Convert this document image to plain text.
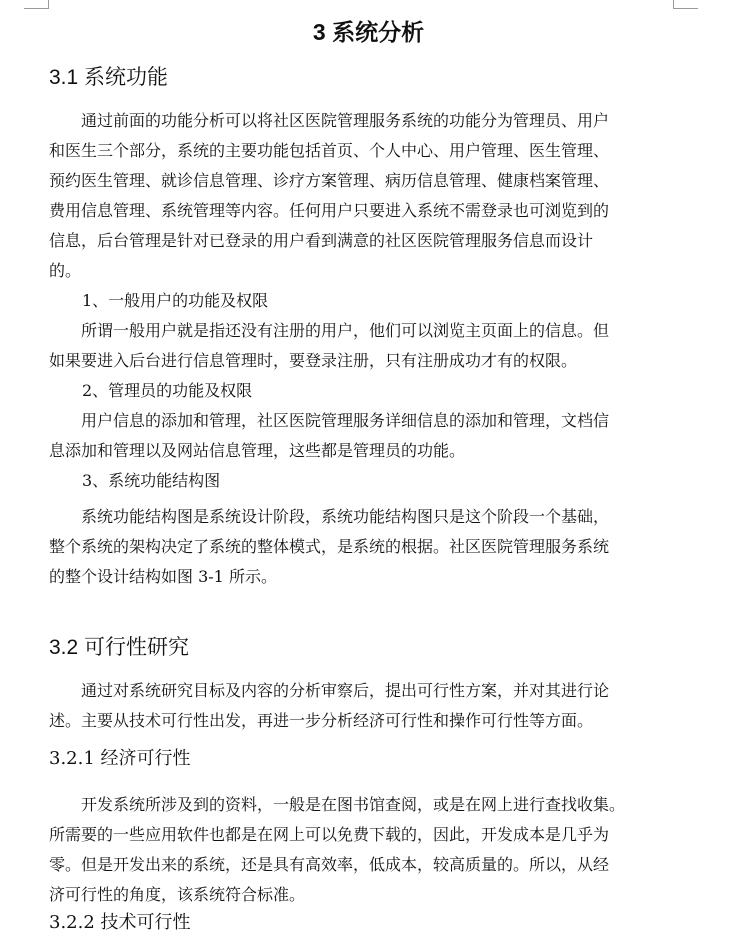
3 系统分析
3.1 系统功能
通过前面的功能分析可以将社区医院管理服务系统的功能分为管理员、用户
和医生三个部分，系统的主要功能包括首页、个人中心、用户管理、医生管理、
预约医生管理、就诊信息管理、诊疗方案管理、病历信息管理、健康档案管理、
费用信息管理、系统管理等内容。任何用户只要进入系统不需登录也可浏览到的
信息，后台管理是针对已登录的用户看到满意的社区医院管理服务信息而设计
的。
1、一般用户的功能及权限
所谓一般用户就是指还没有注册的用户，他们可以浏览主页面上的信息。但
如果要进入后台进行信息管理时，要登录注册，只有注册成功才有的权限。
2、管理员的功能及权限
用户信息的添加和管理，社区医院管理服务详细信息的添加和管理，文档信
息添加和管理以及网站信息管理，这些都是管理员的功能。
3、系统功能结构图
系统功能结构图是系统设计阶段，系统功能结构图只是这个阶段一个基础，
整个系统的架构决定了系统的整体模式，是系统的根据。社区医院管理服务系统
的整个设计结构如图 3-1 所示。
3.2 可行性研究
通过对系统研究目标及内容的分析审察后，提出可行性方案，并对其进行论
述。主要从技术可行性出发，再进一步分析经济可行性和操作可行性等方面。
3.2.1 经济可行性
开发系统所涉及到的资料，一般是在图书馆查阅，或是在网上进行查找收集。
所需要的一些应用软件也都是在网上可以免费下载的，因此，开发成本是几乎为
零。但是开发出来的系统，还是具有高效率，低成本，较高质量的。所以，从经
济可行性的角度，该系统符合标准。
3.2.2 技术可行性
